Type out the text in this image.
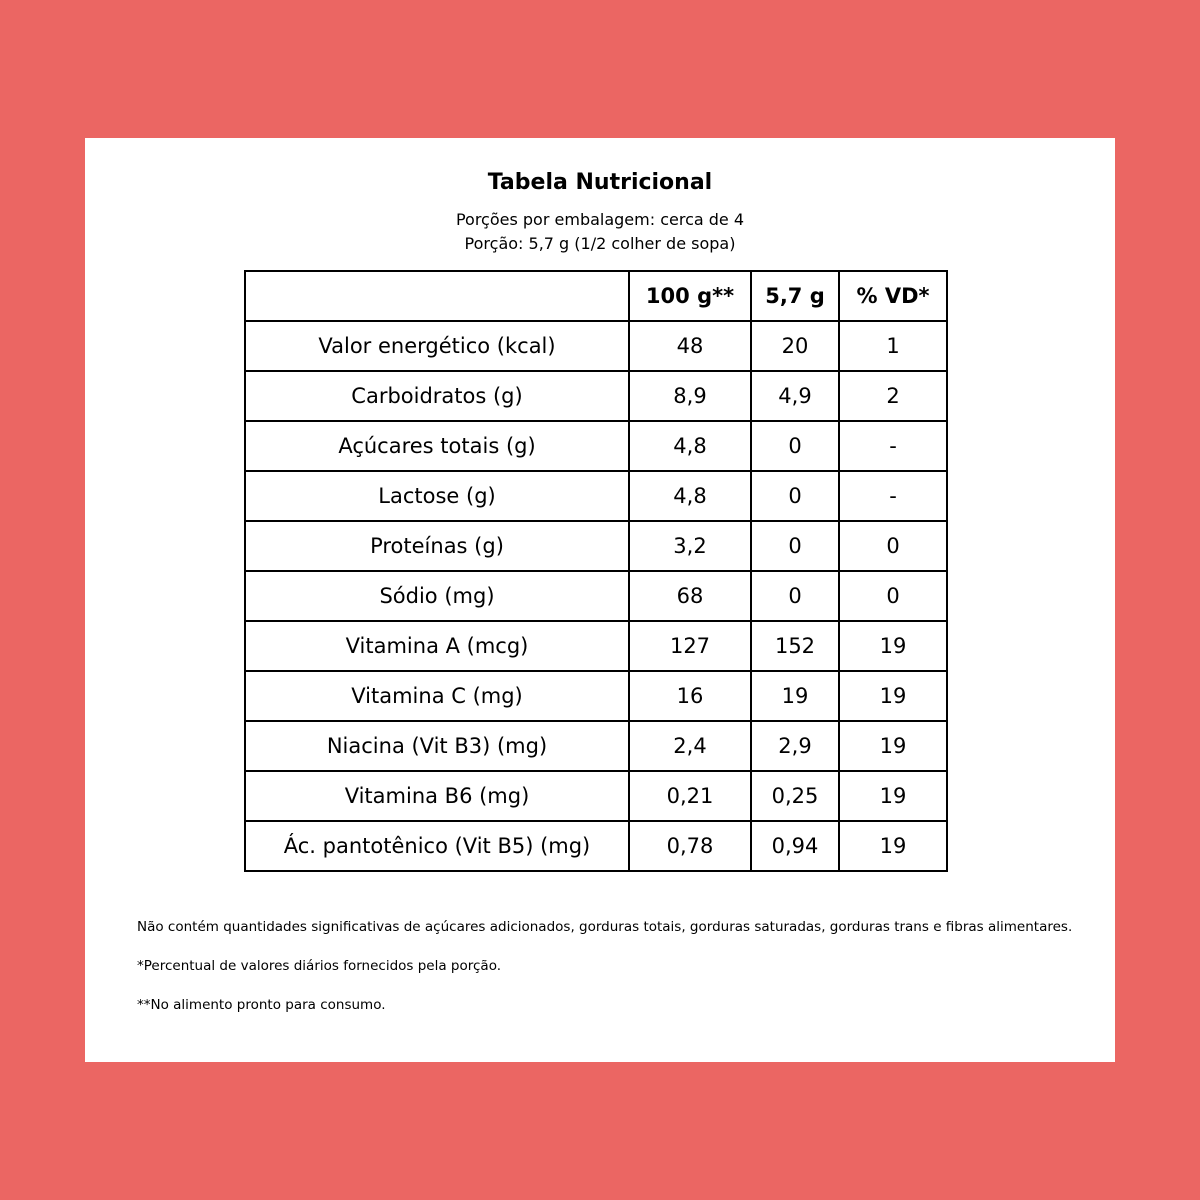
Tabela Nutricional
Porções por embalagem: cerca de 4
Porção: 5,7 g (1/2 colher de sopa)
	100 g**	5,7 g	% VD*
Valor energético (kcal)	48	20	1
Carboidratos (g)	8,9	4,9	2
Açúcares totais (g)	4,8	0	-
Lactose (g)	4,8	0	-
Proteínas (g)	3,2	0	0
Sódio (mg)	68	0	0
Vitamina A (mcg)	127	152	19
Vitamina C (mg)	16	19	19
Niacina (Vit B3) (mg)	2,4	2,9	19
Vitamina B6 (mg)	0,21	0,25	19
Ác. pantotênico (Vit B5) (mg)	0,78	0,94	19
Não contém quantidades significativas de açúcares adicionados, gorduras totais, gorduras saturadas, gorduras trans e fibras alimentares.
*Percentual de valores diários fornecidos pela porção.
**No alimento pronto para consumo.
